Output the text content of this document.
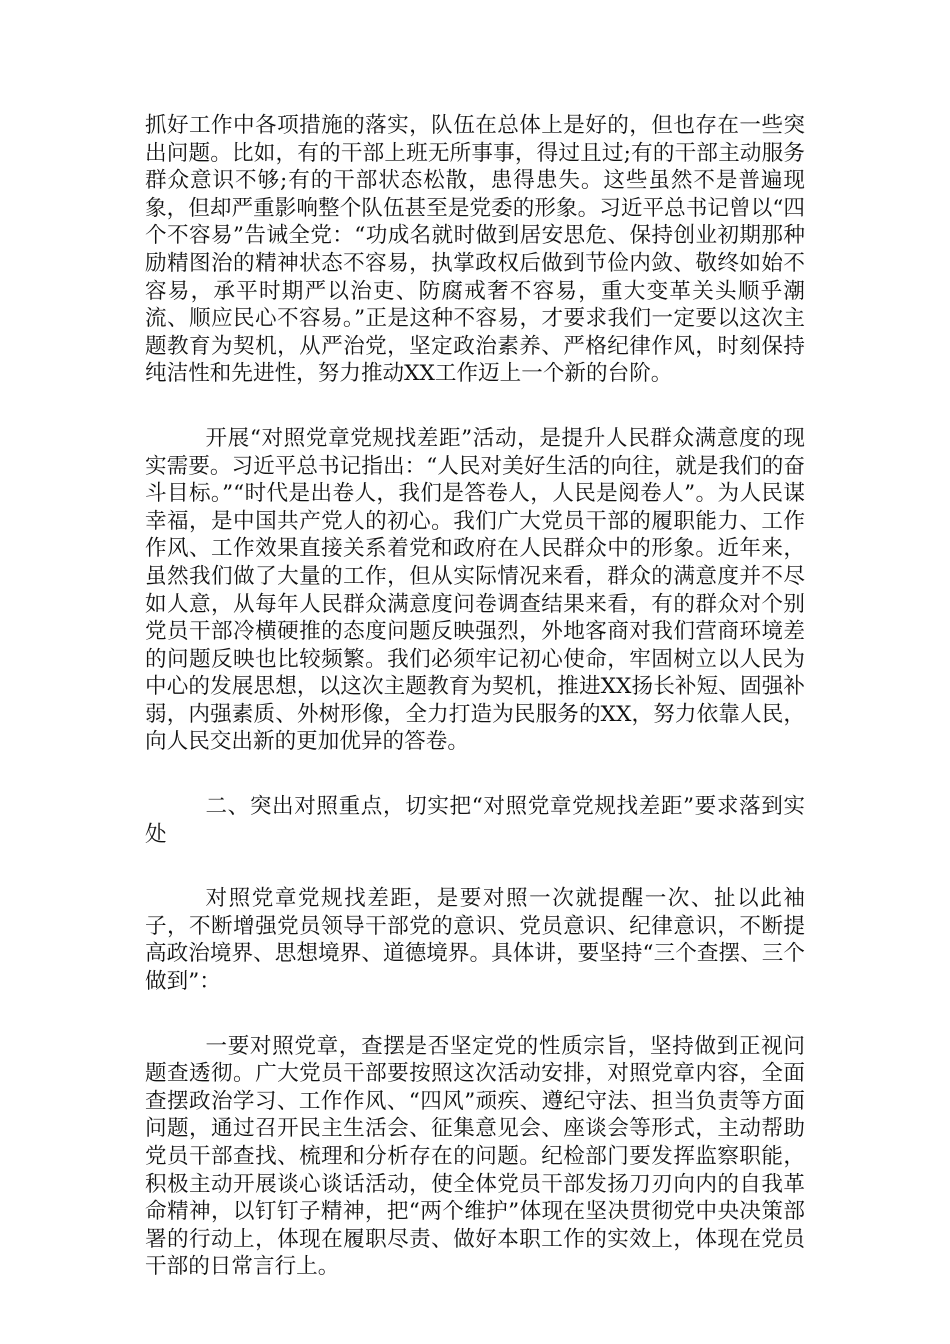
抓好工作中各项措施的落实，队伍在总体上是好的，但也存在一些突出问题。比如，有的干部上班无所事事，得过且过;有的干部主动服务群众意识不够;有的干部状态松散，患得患失。这些虽然不是普遍现象，但却严重影响整个队伍甚至是党委的形象。习近平总书记曾以“四个不容易”告诫全党：“功成名就时做到居安思危、保持创业初期那种励精图治的精神状态不容易，执掌政权后做到节俭内敛、敬终如始不容易，承平时期严以治吏、防腐戒奢不容易，重大变革关头顺乎潮流、顺应民心不容易。”正是这种不容易，才要求我们一定要以这次主题教育为契机，从严治党，坚定政治素养、严格纪律作风，时刻保持纯洁性和先进性，努力推动XX工作迈上一个新的台阶。

开展“对照党章党规找差距”活动，是提升人民群众满意度的现实需要。习近平总书记指出：“人民对美好生活的向往，就是我们的奋斗目标。”“时代是出卷人，我们是答卷人，人民是阅卷人”。为人民谋幸福，是中国共产党人的初心。我们广大党员干部的履职能力、工作作风、工作效果直接关系着党和政府在人民群众中的形象。近年来，虽然我们做了大量的工作，但从实际情况来看，群众的满意度并不尽如人意，从每年人民群众满意度问卷调查结果来看，有的群众对个别党员干部冷横硬推的态度问题反映强烈，外地客商对我们营商环境差的问题反映也比较频繁。我们必须牢记初心使命，牢固树立以人民为中心的发展思想，以这次主题教育为契机，推进XX扬长补短、固强补弱，内强素质、外树形像，全力打造为民服务的XX，努力依靠人民，向人民交出新的更加优异的答卷。

二、突出对照重点，切实把“对照党章党规找差距”要求落到实处

对照党章党规找差距，是要对照一次就提醒一次、扯以此袖子，不断增强党员领导干部党的意识、党员意识、纪律意识，不断提高政治境界、思想境界、道德境界。具体讲，要坚持“三个查摆、三个做到”：

一要对照党章，查摆是否坚定党的性质宗旨，坚持做到正视问题查透彻。广大党员干部要按照这次活动安排，对照党章内容，全面查摆政治学习、工作作风、“四风”顽疾、遵纪守法、担当负责等方面问题，通过召开民主生活会、征集意见会、座谈会等形式，主动帮助党员干部查找、梳理和分析存在的问题。纪检部门要发挥监察职能，积极主动开展谈心谈话活动，使全体党员干部发扬刀刃向内的自我革命精神，以钉钉子精神，把“两个维护”体现在坚决贯彻党中央决策部署的行动上，体现在履职尽责、做好本职工作的实效上，体现在党员干部的日常言行上。
